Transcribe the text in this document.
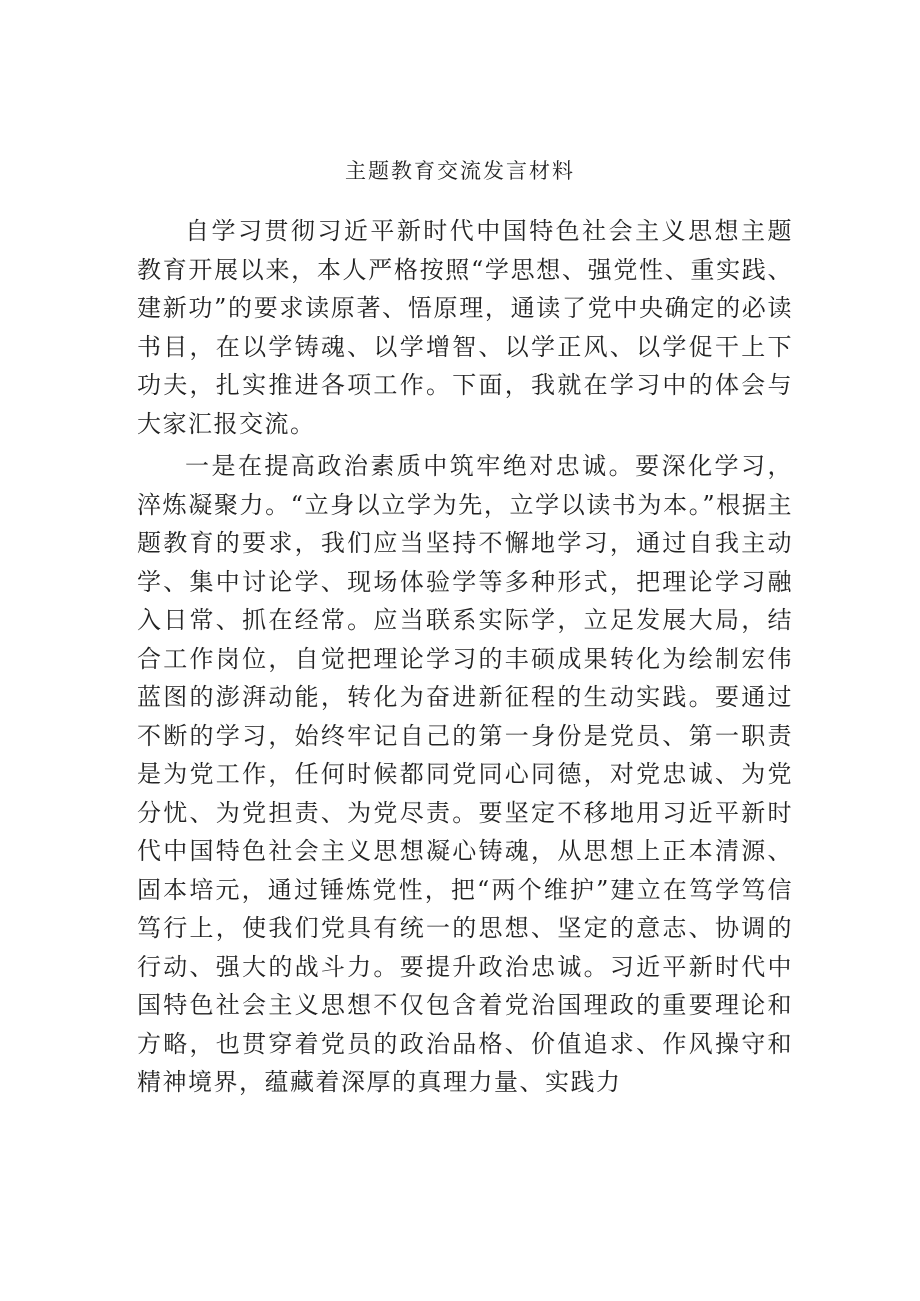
主题教育交流发言材料

自学习贯彻习近平新时代中国特色社会主义思想主题教育开展以来，本人严格按照“学思想、强党性、重实践、建新功”的要求读原著、悟原理，通读了党中央确定的必读书目，在以学铸魂、以学增智、以学正风、以学促干上下功夫，扎实推进各项工作。下面，我就在学习中的体会与大家汇报交流。

一是在提高政治素质中筑牢绝对忠诚。要深化学习，淬炼凝聚力。“立身以立学为先，立学以读书为本。”根据主题教育的要求，我们应当坚持不懈地学习，通过自我主动学、集中讨论学、现场体验学等多种形式，把理论学习融入日常、抓在经常。应当联系实际学，立足发展大局，结合工作岗位，自觉把理论学习的丰硕成果转化为绘制宏伟蓝图的澎湃动能，转化为奋进新征程的生动实践。要通过不断的学习，始终牢记自己的第一身份是党员、第一职责是为党工作，任何时候都同党同心同德，对党忠诚、为党分忧、为党担责、为党尽责。要坚定不移地用习近平新时代中国特色社会主义思想凝心铸魂，从思想上正本清源、固本培元，通过锤炼党性，把“两个维护”建立在笃学笃信笃行上，使我们党具有统一的思想、坚定的意志、协调的行动、强大的战斗力。要提升政治忠诚。习近平新时代中国特色社会主义思想不仅包含着党治国理政的重要理论和方略，也贯穿着党员的政治品格、价值追求、作风操守和精神境界，蕴藏着深厚的真理力量、实践力
